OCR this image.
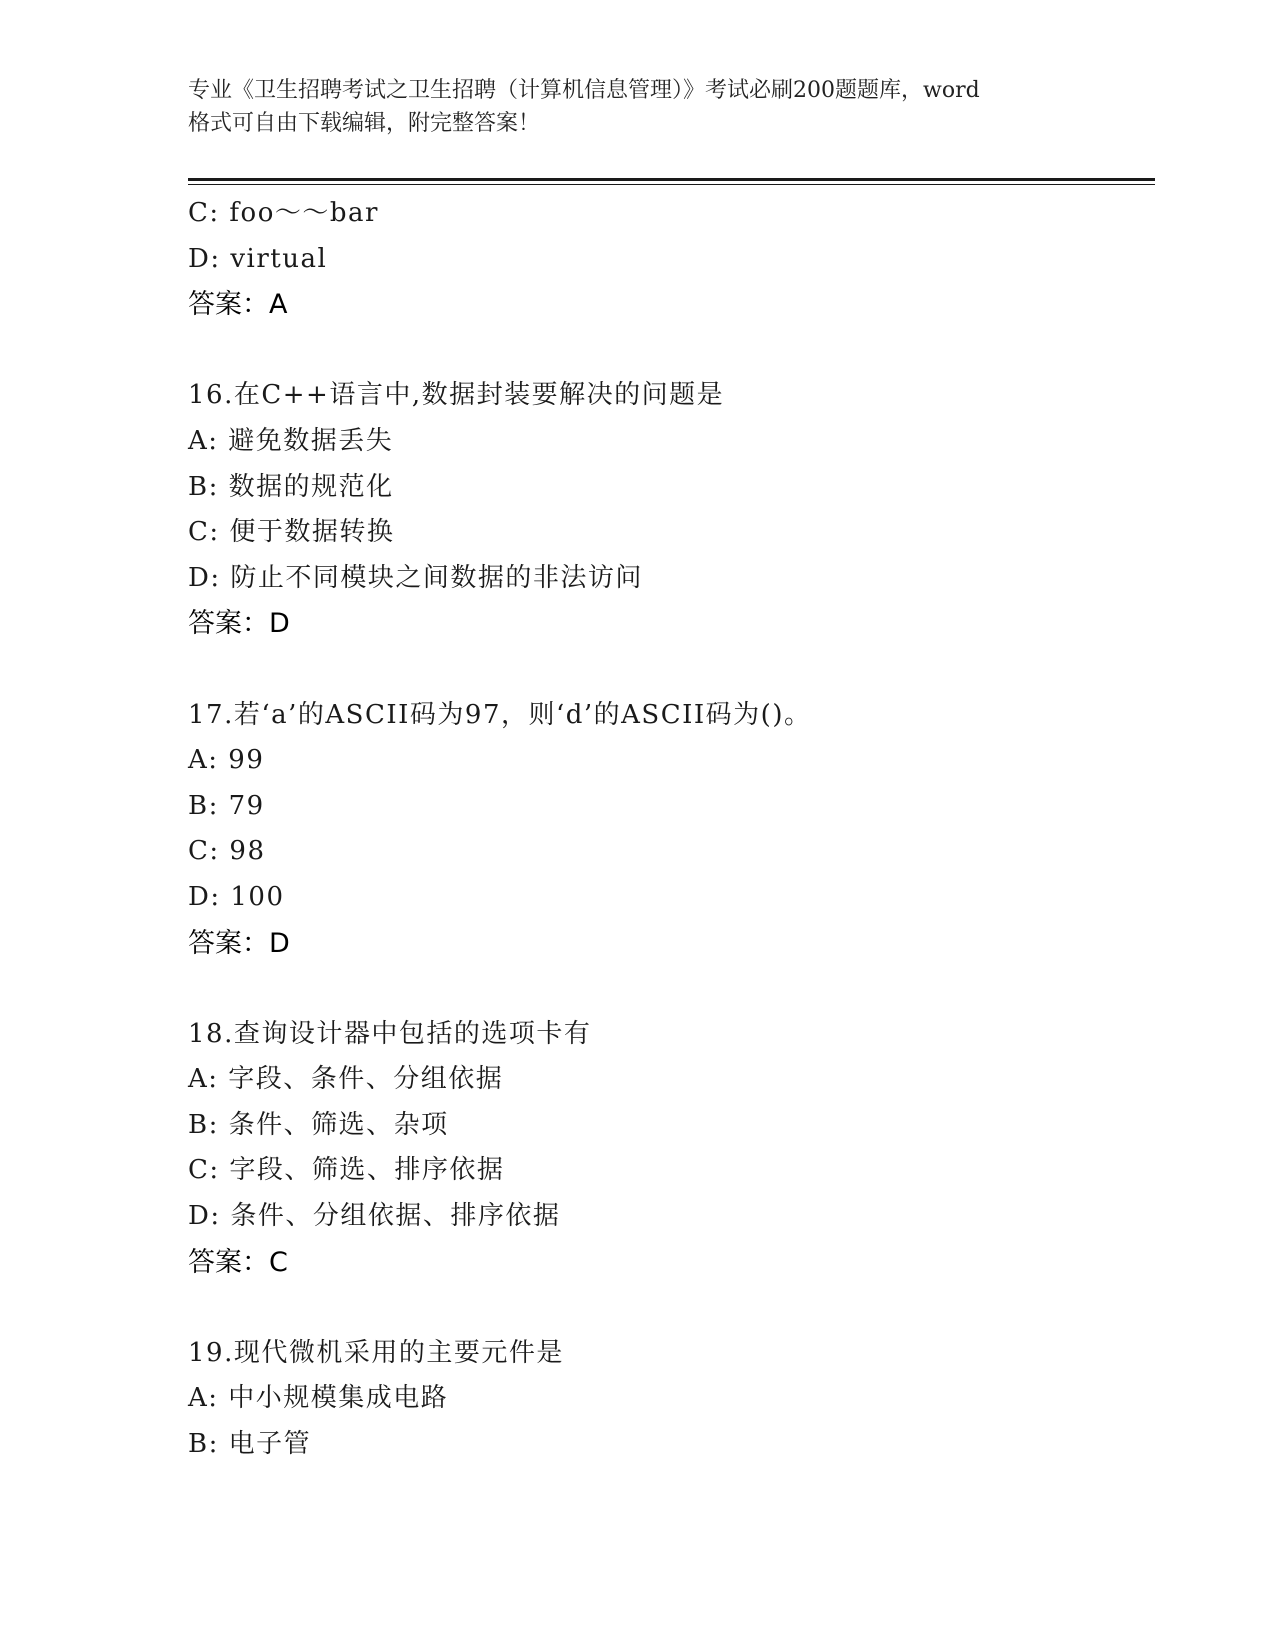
专业《卫生招聘考试之卫生招聘（计算机信息管理）》考试必刷200题题库，word
格式可自由下载编辑，附完整答案！
C: foo～～bar
D: virtual
答案：A
16.在C++语言中,数据封装要解决的问题是
A: 避免数据丢失
B: 数据的规范化
C: 便于数据转换
D: 防止不同模块之间数据的非法访问
答案：D
17.若‘a’的ASCII码为97，则‘d’的ASCII码为()。
A: 99
B: 79
C: 98
D: 100
答案：D
18.查询设计器中包括的选项卡有
A: 字段、条件、分组依据
B: 条件、筛选、杂项
C: 字段、筛选、排序依据
D: 条件、分组依据、排序依据
答案：C
19.现代微机采用的主要元件是
A: 中小规模集成电路
B: 电子管
